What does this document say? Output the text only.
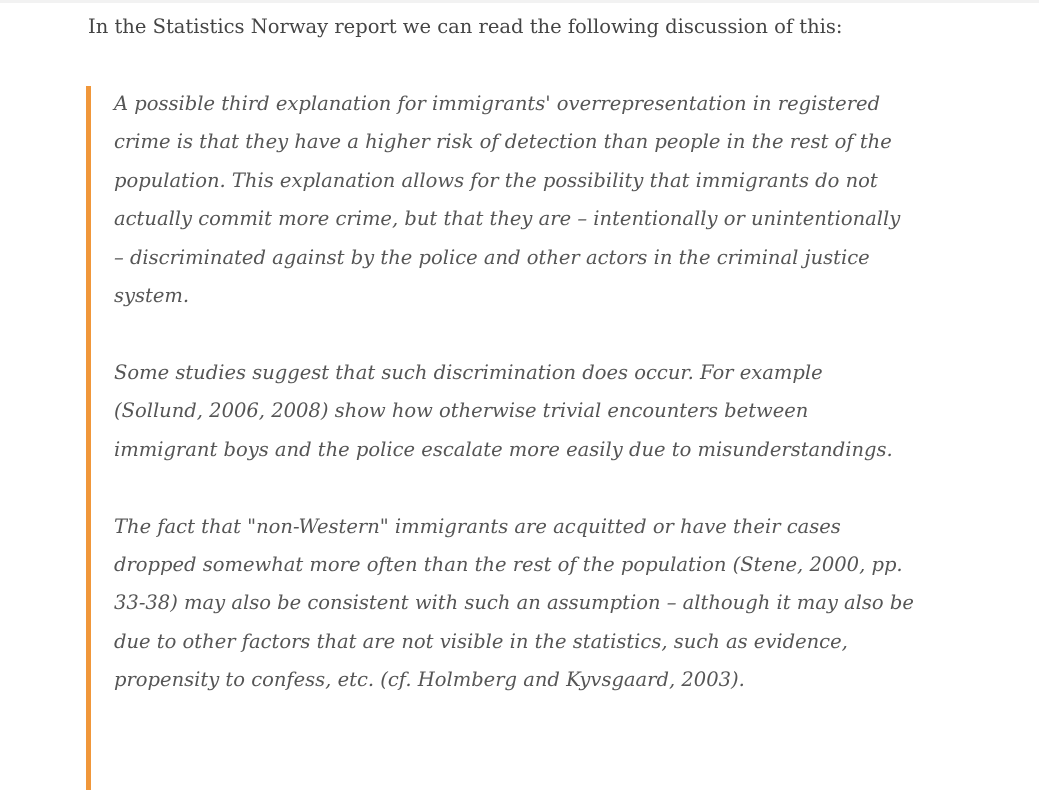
In the Statistics Norway report we can read the following discussion of this:

A possible third explanation for immigrants' overrepresentation in registered crime is that they have a higher risk of detection than people in the rest of the population. This explanation allows for the possibility that immigrants do not actually commit more crime, but that they are – intentionally or unintentionally – discriminated against by the police and other actors in the criminal justice system.

Some studies suggest that such discrimination does occur. For example (Sollund, 2006, 2008) show how otherwise trivial encounters between immigrant boys and the police escalate more easily due to misunderstandings.

The fact that "non-Western" immigrants are acquitted or have their cases dropped somewhat more often than the rest of the population (Stene, 2000, pp. 33-38) may also be consistent with such an assumption – although it may also be due to other factors that are not visible in the statistics, such as evidence, propensity to confess, etc. (cf. Holmberg and Kyvsgaard, 2003).
